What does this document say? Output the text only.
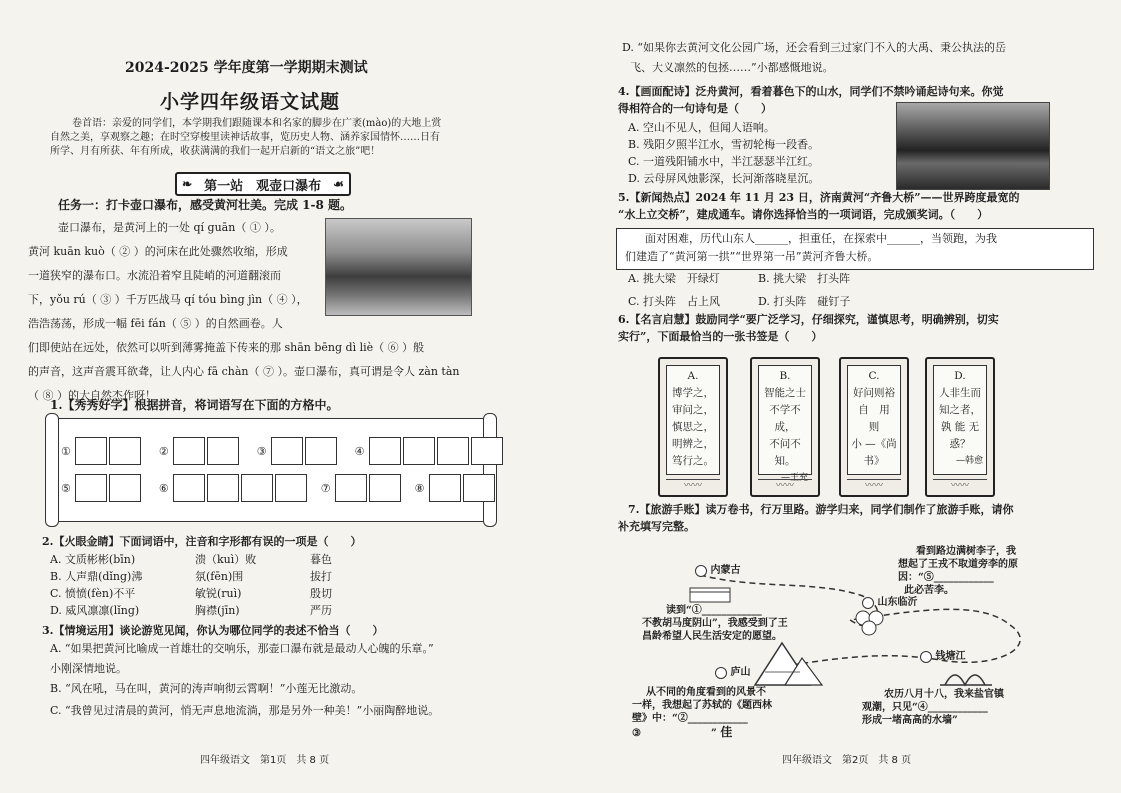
2024-2025 学年度第一学期期末测试
小学四年级语文试题
卷首语：亲爱的同学们，本学期我们跟随课本和名家的脚步在广袤(mào)的大地上赏
自然之美，享观察之趣；在时空穿梭里读神话故事，览历史人物、涵养家国情怀……日有
所学、月有所获、年有所成，收获满满的我们一起开启新的“语文之旅”吧！
❧ 第一站　观壶口瀑布 ☙
任务一：打卡壶口瀑布，感受黄河壮美。完成 1-8 题。
壶口瀑布，是黄河上的一处 qí guān（ ① ）。
黄河 kuān kuò（ ② ）的河床在此处骤然收缩，形成
一道狭窄的瀑布口。水流沿着窄且陡峭的河道翻滚而
下，yǒu rú（ ③ ）千万匹战马 qí tóu bìng jìn（ ④ ），
浩浩荡荡，形成一幅 fēi fán（ ⑤ ）的自然画卷。人
们即使站在远处，依然可以听到薄雾掩盖下传来的那 shān bēng dì liè（ ⑥ ）般
的声音，这声音震耳欲聋，让人内心 fā chàn（ ⑦ ）。壶口瀑布，真可谓是令人 zàn tàn
（ ⑧ ）的大自然杰作呀！
1.【秀秀好字】根据拼音，将词语写在下面的方格中。
①	②	③	④
⑤	⑥	⑦	⑧
2.【火眼金睛】下面词语中，注音和字形都有误的一项是（　　）
A. 文质彬彬(bīn)	溃（kuì）败	暮色
B. 人声鼎(dǐng)沸	氛(fēn)围	拔打
C. 愤愤(fèn)不平	敏锐(ruì)	殷切
D. 威风凛凛(lǐng)	胸襟(jīn)	严历
3.【情境运用】谈论游览见闻，你认为哪位同学的表述不恰当（　　）
A. “如果把黄河比喻成一首雄壮的交响乐，那壶口瀑布就是最动人心魄的乐章。”
小刚深情地说。
B. “风在吼，马在叫，黄河的涛声响彻云霄啊！”小莲无比激动。
C. “我曾见过清晨的黄河，悄无声息地流淌，那是另外一种美！”小丽陶醉地说。
四年级语文　第1页　共 8 页
D. “如果你去黄河文化公园广场，还会看到三过家门不入的大禹、秉公执法的岳
飞、大义凛然的包拯……”小都感慨地说。
4.【画面配诗】泛舟黄河，看着暮色下的山水，同学们不禁吟诵起诗句来。你觉
得相符合的一句诗句是（　　）
A. 空山不见人，但闻人语响。
B. 残阳夕照半江水，雪初轮梅一段香。
C. 一道残阳铺水中，半江瑟瑟半江红。
D. 云母屏风烛影深，长河渐落晓星沉。
5.【新闻热点】2024 年 11 月 23 日，济南黄河“齐鲁大桥”——世界跨度最宽的
“水上立交桥”，建成通车。请你选择恰当的一项词语，完成颁奖词。（　　）
面对困难，历代山东人______，担重任，在探索中______，当领跑，为我
们建造了“黄河第一拱”“世界第一吊”黄河齐鲁大桥。
A. 挑大梁　开绿灯	B. 挑大梁　打头阵
C. 打头阵　占上风	D. 打头阵　碰钉子
6.【名言启慧】鼓励同学“要广泛学习，仔细探究，谨慎思考，明确辨别，切实
实行”，下面最恰当的一张书签是（　　）
A.
博学之，
审问之，
慎思之，
明辨之，
笃行之。
〰〰
B.
智能之士
不学不成，
不问不知。
—王充
〰〰
C.
好问则裕
自　用　则
小 —《尚
书》
〰〰
D.
人非生而
知之者，
孰 能 无
惑？
—韩愈
〰〰
7.【旅游手账】读万卷书，行万里路。游学归来，同学们制作了旅游手账，请你
补充填写完整。
内蒙古
山东临沂
庐山
钱塘江
读到“①____________
不教胡马度阴山”，我感受到了王
昌龄希望人民生活安定的愿望。
看到路边满树李子，我
想起了王戎不取道旁李的原
因：“⑤____________
此必苦李。
从不同的角度看到的风景不
一样，我想起了苏轼的《题西林
壁》中：“②____________
③　　　　　　　” 佳
农历八月十八，我来盐官镇
观潮，只见“④____________
形成一堵高高的水墙”
四年级语文　第2页　共 8 页
